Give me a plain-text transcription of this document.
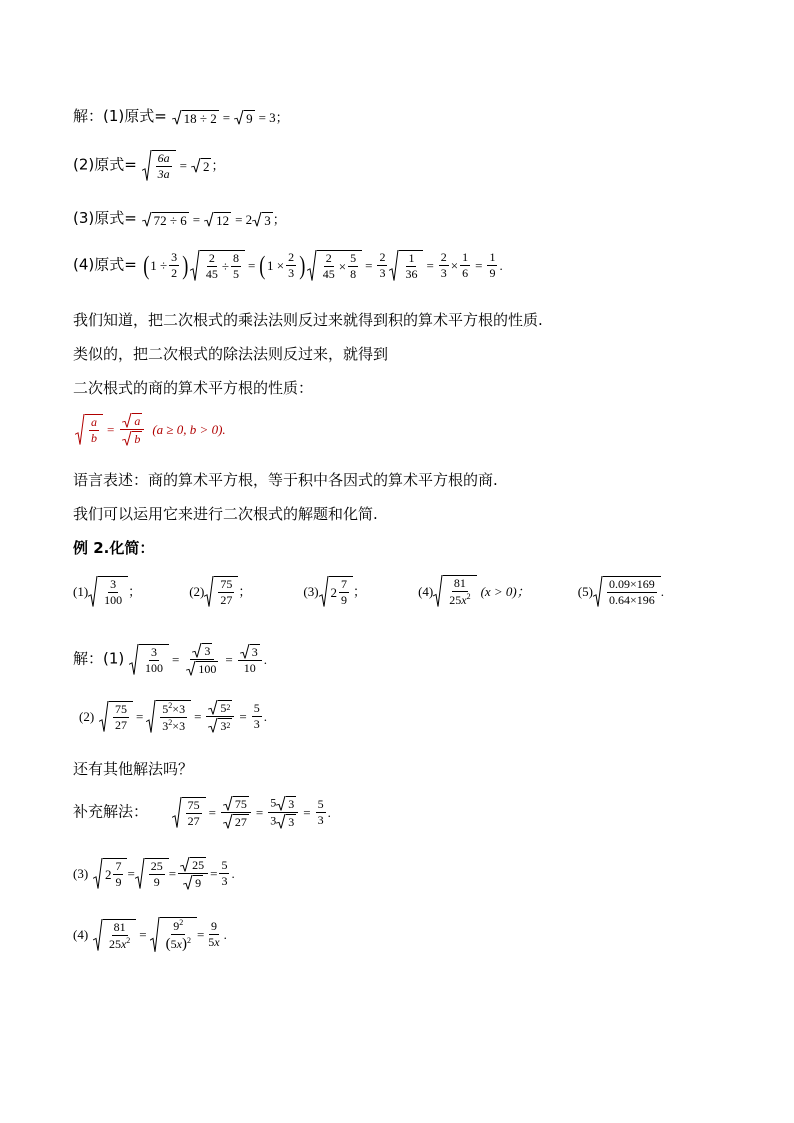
解：(1)原式= 18 ÷ 2 = 9 = 3；
(2)原式= $\frac{6a}{3a} = 2$ ；
(3)原式= 72 ÷ 6 = 12 = 2 3 ；
(4)原式= ( $1 \div \frac{3}{2}$ ) $\frac{2}{45} \div \frac{8}{5}$ = ( $1 \times \frac{2}{3}$ ) $\frac{2}{45} \times \frac{5}{8} = \frac{2}{3} \frac{1}{36} = \frac{2}{3} \times \frac{1}{6} = \frac{1}{9}$ .
我们知道，把二次根式的乘法法则反过来就得到积的算术平方根的性质.
类似的，把二次根式的除法法则反过来，就得到
二次根式的商的算术平方根的性质：
$\frac{a}{b} = \frac{a}{b} (a \ge 0$, b > 0).
语言表述：商的算术平方根，等于积中各因式的算术平方根的商.
我们可以运用它来进行二次根式的解题和化简.
例 2.化简：
$(1) \frac{3}{100}$ ；	$(2) \frac{75}{27}$ ；	(3) $2 \frac{7}{9}$ ；	$(4) \frac{81}{25x^2} (x > 0)$；	$(5) \frac{0.09\times 169}{0.64\times 196}$ .
解：$(1) \frac{3}{100} = \frac{3}{100} = \frac{3}{10}$ .
$(2) \frac{75}{27} = \frac{5^2\times 3}{3^2\times 3} = \frac{5 2}{3 2} = \frac{5}{3}$ .
还有其他解法吗？
补充解法：	$\frac{75}{27} = \frac{75}{27} = \frac{5 3}{3 3} = \frac{5}{3}$ .
(3) $2 \frac{7}{9} = \frac{25}{9} = \frac{25}{9} = \frac{5}{3}$ .
$(4) \frac{81}{25x^2} = \frac{9^2}{(5x)^2} = \frac{9}{5x}$ .
